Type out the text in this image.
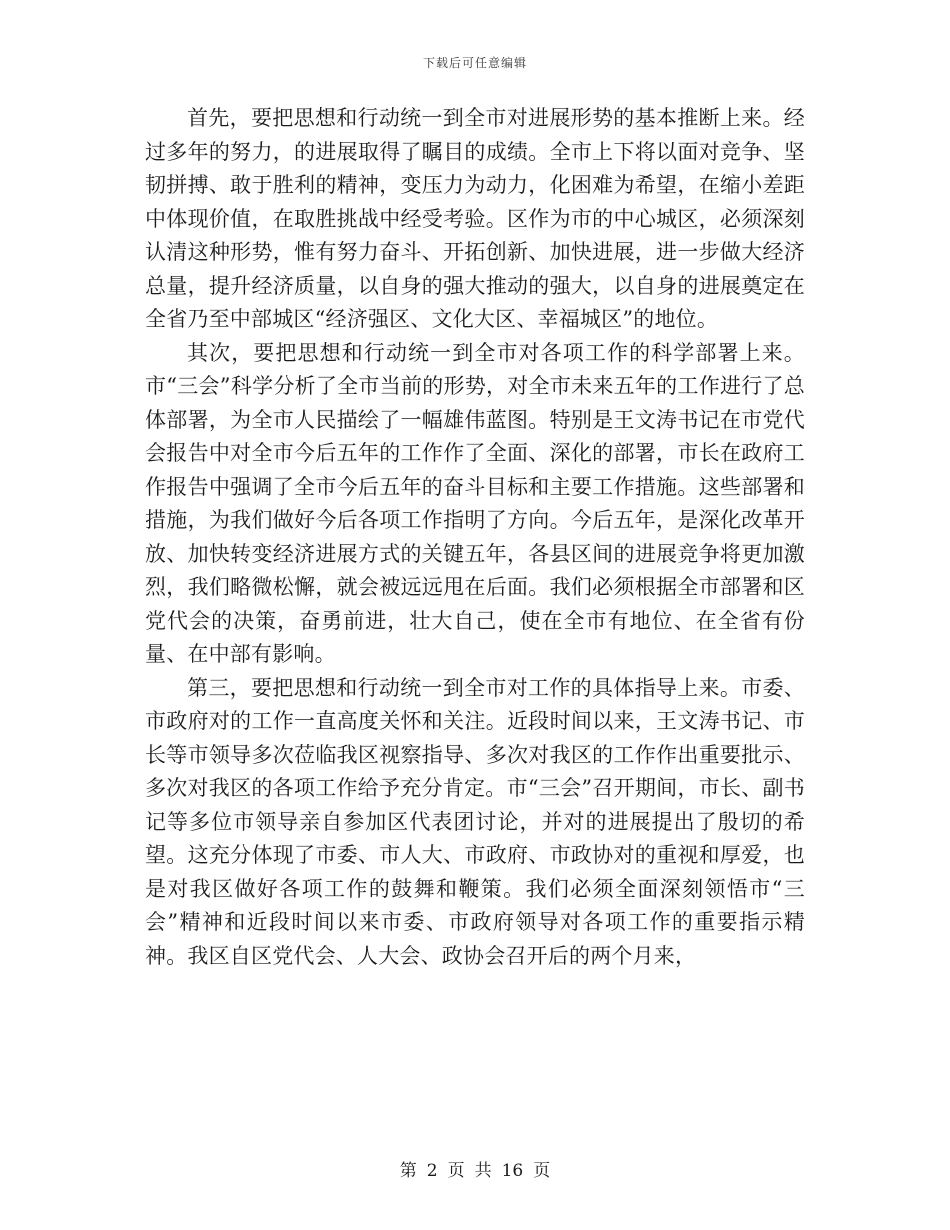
下载后可任意编辑

首先，要把思想和行动统一到全市对进展形势的基本推断上来。经过多年的努力，的进展取得了瞩目的成绩。全市上下将以面对竞争、坚韧拼搏、敢于胜利的精神，变压力为动力，化困难为希望，在缩小差距中体现价值，在取胜挑战中经受考验。区作为市的中心城区，必须深刻认清这种形势，惟有努力奋斗、开拓创新、加快进展，进一步做大经济总量，提升经济质量，以自身的强大推动的强大，以自身的进展奠定在全省乃至中部城区“经济强区、文化大区、幸福城区”的地位。

其次，要把思想和行动统一到全市对各项工作的科学部署上来。市“三会”科学分析了全市当前的形势，对全市未来五年的工作进行了总体部署，为全市人民描绘了一幅雄伟蓝图。特别是王文涛书记在市党代会报告中对全市今后五年的工作作了全面、深化的部署，市长在政府工作报告中强调了全市今后五年的奋斗目标和主要工作措施。这些部署和措施，为我们做好今后各项工作指明了方向。今后五年，是深化改革开放、加快转变经济进展方式的关键五年，各县区间的进展竞争将更加激烈，我们略微松懈，就会被远远甩在后面。我们必须根据全市部署和区党代会的决策，奋勇前进，壮大自己，使在全市有地位、在全省有份量、在中部有影响。

第三，要把思想和行动统一到全市对工作的具体指导上来。市委、市政府对的工作一直高度关怀和关注。近段时间以来，王文涛书记、市长等市领导多次莅临我区视察指导、多次对我区的工作作出重要批示、多次对我区的各项工作给予充分肯定。市“三会”召开期间，市长、副书记等多位市领导亲自参加区代表团讨论，并对的进展提出了殷切的希望。这充分体现了市委、市人大、市政府、市政协对的重视和厚爱，也是对我区做好各项工作的鼓舞和鞭策。我们必须全面深刻领悟市“三会”精神和近段时间以来市委、市政府领导对各项工作的重要指示精神。我区自区党代会、人大会、政协会召开后的两个月来，

第 2 页 共 16 页
